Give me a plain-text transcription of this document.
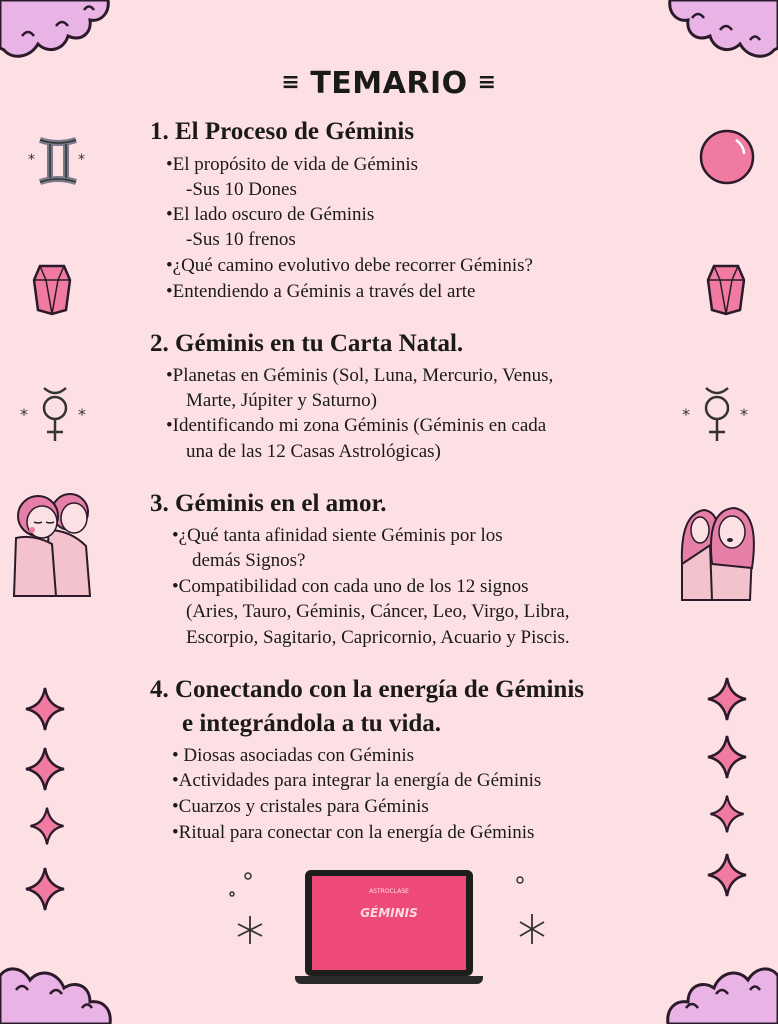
≡ TEMARIO ≡
*	*
*	*	*	*
1. El Proceso de Géminis
•El propósito de vida de Géminis
-Sus 10 Dones
•El lado oscuro de Géminis
-Sus 10 frenos
•¿Qué camino evolutivo debe recorrer Géminis?
•Entendiendo a Géminis a través del arte
2. Géminis en tu Carta Natal.
•Planetas en Géminis (Sol, Luna, Mercurio, Venus,
Marte, Júpiter y Saturno)
•Identificando mi zona Géminis (Géminis en cada
una de las 12 Casas Astrológicas)
3. Géminis en el amor.
•¿Qué tanta afinidad siente Géminis por los
demás Signos?
•Compatibilidad con cada uno de los 12 signos
(Aries, Tauro, Géminis, Cáncer, Leo, Virgo, Libra,
Escorpio, Sagitario, Capricornio, Acuario y Piscis.
4. Conectando con la energía de Géminis
e integrándola a tu vida.
• Diosas asociadas con Géminis
•Actividades para integrar la energía de Géminis
•Cuarzos y cristales para Géminis
•Ritual para conectar con la energía de Géminis
ASTROCLASE
GÉMINIS
